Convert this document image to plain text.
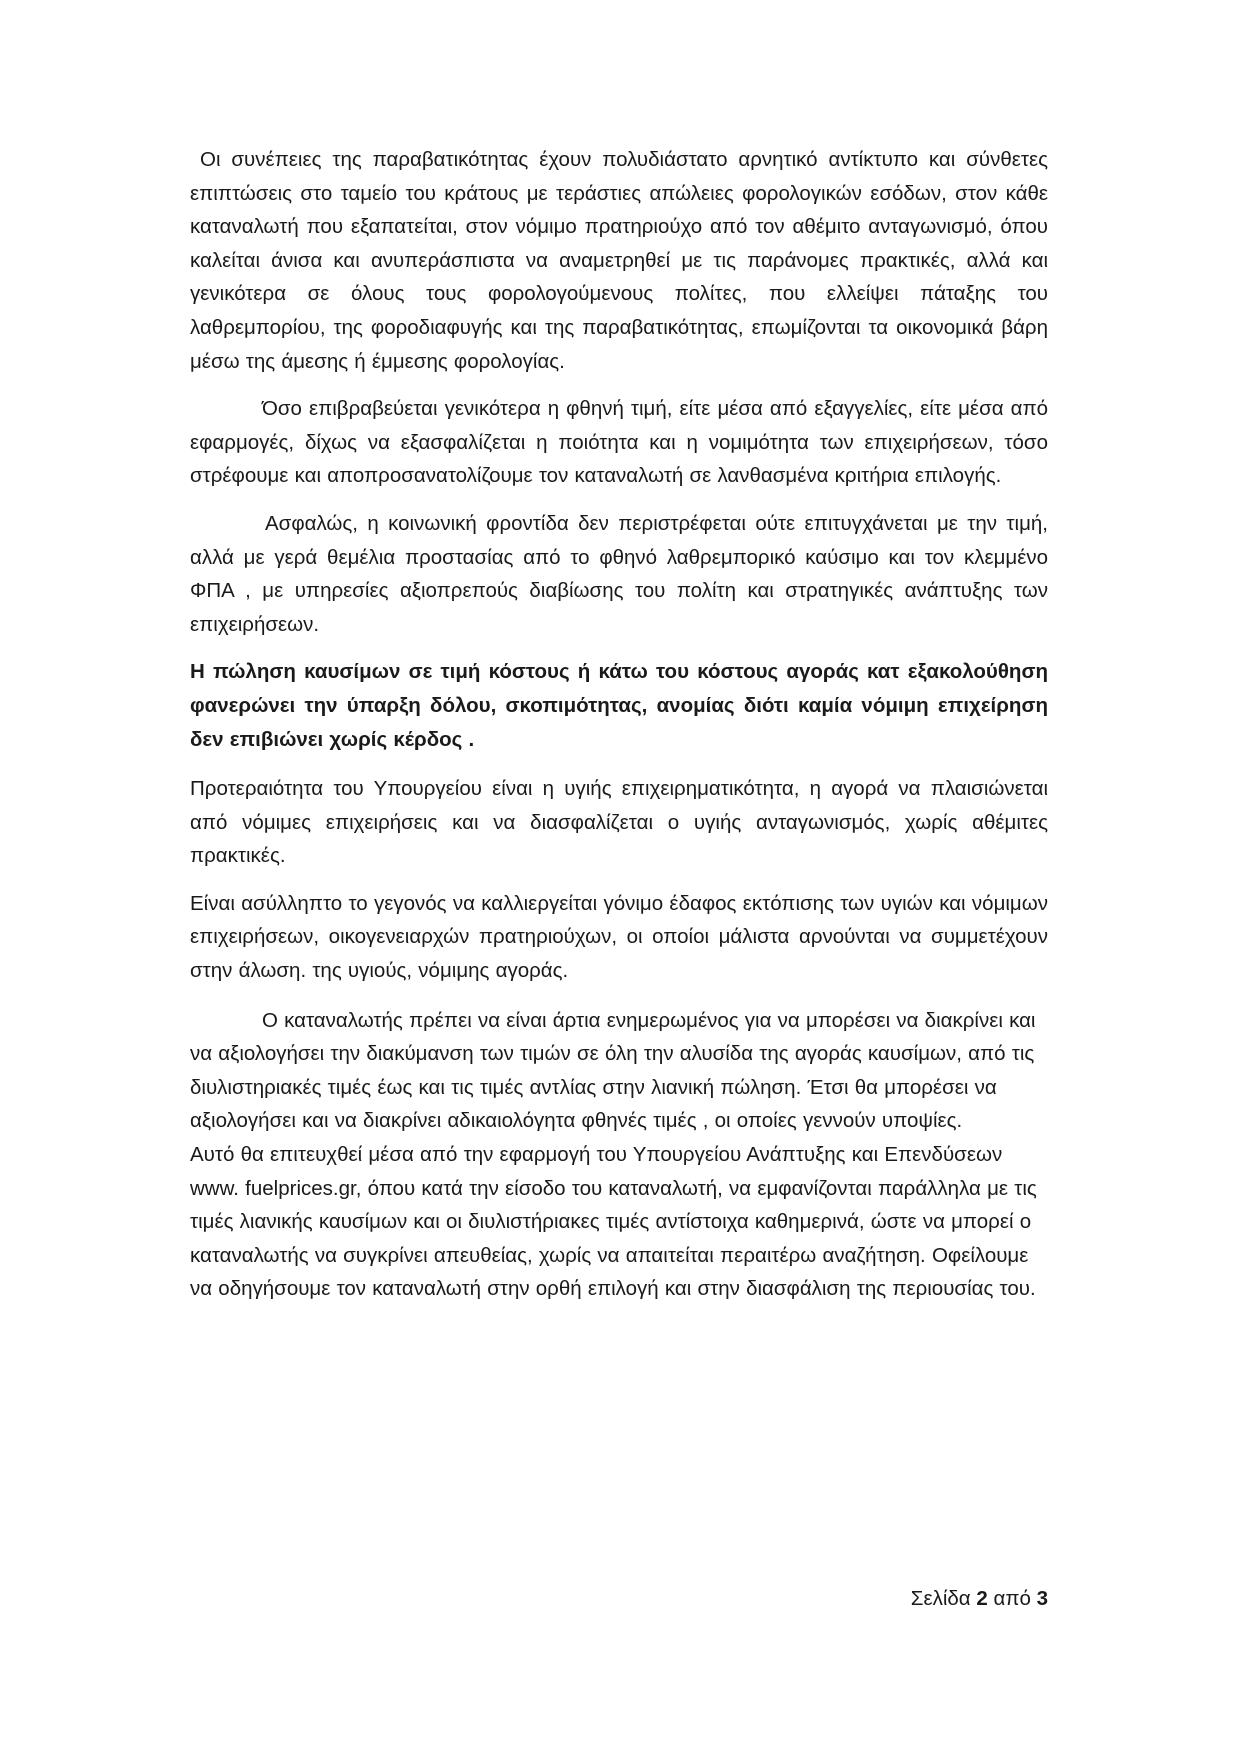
Οι συνέπειες της παραβατικότητας έχουν πολυδιάστατο αρνητικό αντίκτυπο και σύνθετες επιπτώσεις στο ταμείο του κράτους με τεράστιες απώλειες φορολογικών εσόδων, στον κάθε καταναλωτή που εξαπατείται, στον νόμιμο πρατηριούχο από τον αθέμιτο ανταγωνισμό, όπου καλείται άνισα και ανυπεράσπιστα να αναμετρηθεί με τις παράνομες πρακτικές, αλλά και γενικότερα σε όλους τους φορολογούμενους πολίτες, που ελλείψει πάταξης του λαθρεμπορίου, της φοροδιαφυγής και της παραβατικότητας, επωμίζονται τα οικονομικά βάρη μέσω της άμεσης ή έμμεσης φορολογίας.

Όσο επιβραβεύεται γενικότερα η φθηνή τιμή, είτε μέσα από εξαγγελίες, είτε μέσα από εφαρμογές, δίχως να εξασφαλίζεται η ποιότητα και η νομιμότητα των επιχειρήσεων, τόσο στρέφουμε και αποπροσανατολίζουμε τον καταναλωτή σε λανθασμένα κριτήρια επιλογής.

Ασφαλώς, η κοινωνική φροντίδα δεν περιστρέφεται ούτε επιτυγχάνεται με την τιμή, αλλά με γερά θεμέλια προστασίας από το φθηνό λαθρεμπορικό καύσιμο και τον κλεμμένο ΦΠΑ , με υπηρεσίες αξιοπρεπούς διαβίωσης του πολίτη και στρατηγικές ανάπτυξης των επιχειρήσεων.

Η πώληση καυσίμων σε τιμή κόστους ή κάτω του κόστους αγοράς κατ εξακολούθηση φανερώνει την ύπαρξη δόλου, σκοπιμότητας, ανομίας διότι καμία νόμιμη επιχείρηση δεν επιβιώνει χωρίς κέρδος .

Προτεραιότητα του Υπουργείου είναι η υγιής επιχειρηματικότητα, η αγορά να πλαισιώνεται από νόμιμες επιχειρήσεις και να διασφαλίζεται ο υγιής ανταγωνισμός, χωρίς αθέμιτες πρακτικές.

Είναι ασύλληπτο το γεγονός να καλλιεργείται γόνιμο έδαφος εκτόπισης των υγιών και νόμιμων επιχειρήσεων, οικογενειαρχών πρατηριούχων, οι οποίοι μάλιστα αρνούνται να συμμετέχουν στην άλωση. της υγιούς, νόμιμης αγοράς.

Ο καταναλωτής πρέπει να είναι άρτια ενημερωμένος για να μπορέσει να διακρίνει και να αξιολογήσει την διακύμανση των τιμών σε όλη την αλυσίδα της αγοράς καυσίμων, από τις διυλιστηριακές τιμές έως και τις τιμές αντλίας στην λιανική πώληση. Έτσι θα μπορέσει να αξιολογήσει και να διακρίνει αδικαιολόγητα φθηνές τιμές , οι οποίες γεννούν υποψίες.

Αυτό θα επιτευχθεί μέσα από την εφαρμογή του Υπουργείου Ανάπτυξης και Επενδύσεων www. fuelprices.gr, όπου κατά την είσοδο του καταναλωτή, να εμφανίζονται παράλληλα με τις τιμές λιανικής καυσίμων και οι διυλιστήριακες τιμές αντίστοιχα καθημερινά, ώστε να μπορεί ο καταναλωτής να συγκρίνει απευθείας, χωρίς να απαιτείται περαιτέρω αναζήτηση. Οφείλουμε να οδηγήσουμε τον καταναλωτή στην ορθή επιλογή και στην διασφάλιση της περιουσίας του.

Σελίδα 2 από 3
